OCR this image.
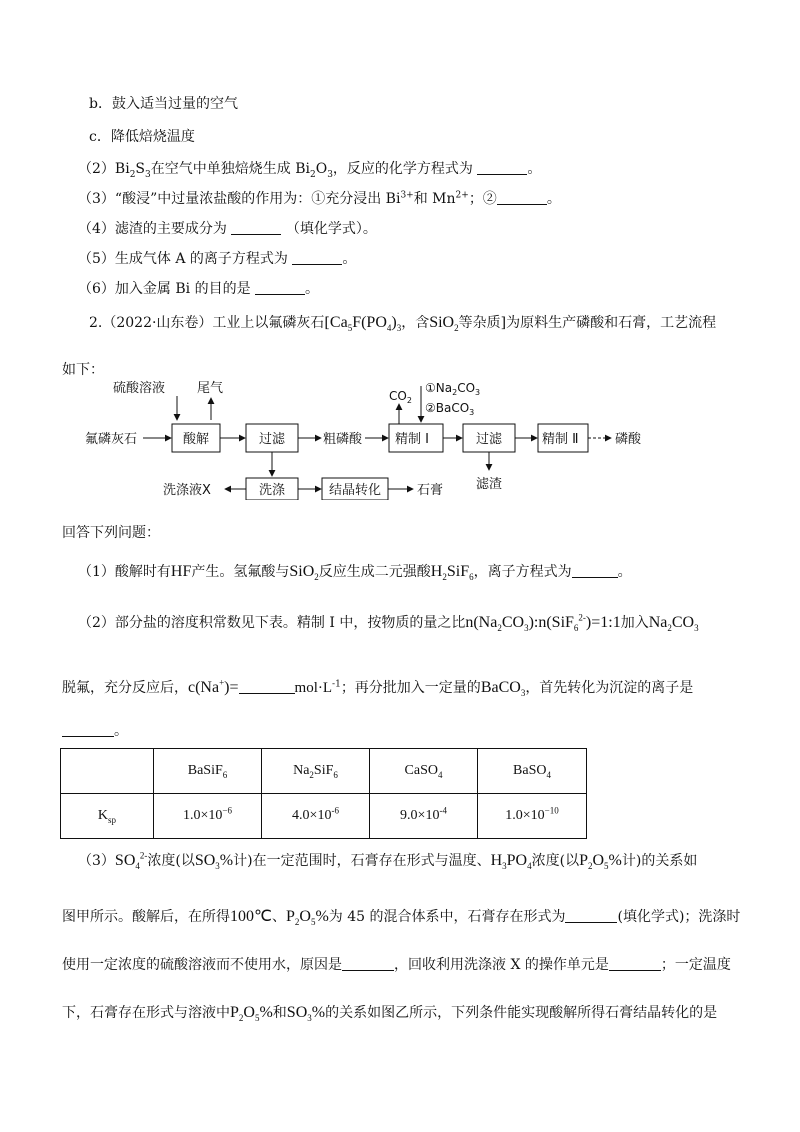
b．鼓入适当过量的空气
c．降低焙烧温度
$(2)Bi_2S_3$在空气中单独焙烧生成 $Bi_2O_3$，反应的化学方程式为	。
（3）“酸浸”中过量浓盐酸的作用为：①充分浸出 $Bi^{3+}$和 $Mn^{2+}$；②	。
（4）滤渣的主要成分为	（填化学式）。
（5）生成气体 A 的离子方程式为	。
（6）加入金属 Bi 的目的是	。
2.（2022·山东卷）工业上以氟磷灰石[$Ca_5F(PO_4)_3$，含SiO$_2$等杂质]为原料生产磷酸和石膏，工艺流程
如下：
硫酸溶液 尾气
氟磷灰石	酸解	过滤	粗磷酸	精制 Ⅰ
$CO_2$
$①Na_2CO_3$
②BaCO$_3$
过滤
滤渣
精制 Ⅱ	磷酸
洗涤
洗涤液X	结晶转化	石膏
回答下列问题：
（1）酸解时有HF产生。氢氟酸与SiO$_2$反应生成二元强酸$H_2SiF_6$，离子方程式为	。
（2）部分盐的溶度积常数见下表。精制 I 中，按物质的量之比$n(Na_2CO_3):n(SiF_6^{2-})=1:1$加入$Na_2CO_3$
脱氟，充分反应后，c(Na+)=	$mol\cdot L^{-1}$；再分批加入一定量的BaCO$_3$，首先转化为沉淀的离子是
。
	BaSiF$_6$	$Na_2SiF_6$	CaSO$_4$	BaSO$_4$
$K_{sp}$	$1.0\times 10^{-6}$	$4.0\times 10^{-6}$	$9.0\times 10^{-4}$	$1.0\times 10^{-10}$
$(3)SO_4^{2-}$浓度(以$SO_3\%$计)在一定范围时，石膏存在形式与温度、$H_3PO_4$浓度(以$P_2O_5\%$计)的关系如
图甲所示。酸解后，在所得100℃、$P_2O_5\%$为 45 的混合体系中，石膏存在形式为	(填化学式)；洗涤时
使用一定浓度的硫酸溶液而不使用水，原因是	，回收利用洗涤液 X 的操作单元是	；一定温度
下，石膏存在形式与溶液中$P_2O_5\%$和$SO_3\%$的关系如图乙所示，下列条件能实现酸解所得石膏结晶转化的是
